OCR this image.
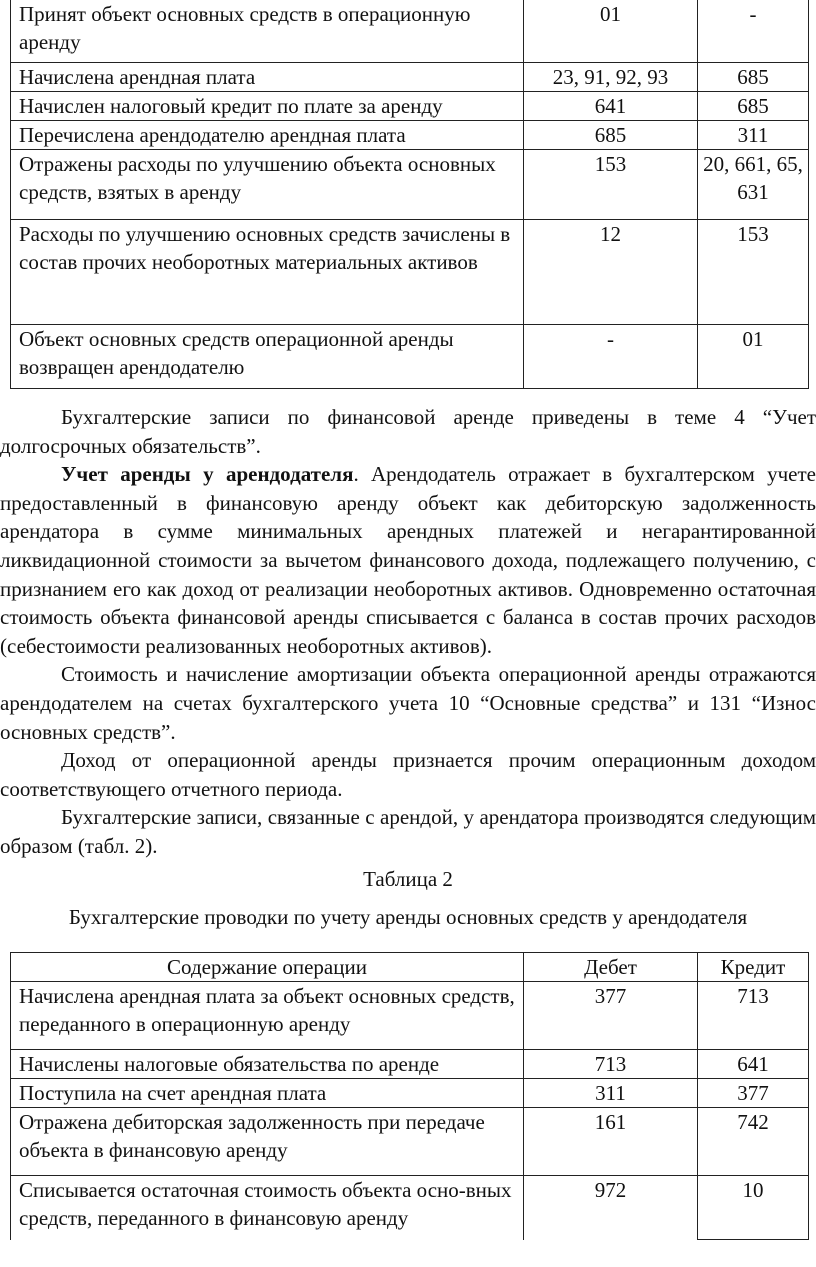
Принят объект основных средств в операционную аренду	01	-
Начислена арендная плата	23, 91, 92, 93	685
Начислен налоговый кредит по плате за аренду	641	685
Перечислена арендодателю арендная плата	685	311
Отражены расходы по улучшению объекта основных средств, взятых в аренду	153	20, 661, 65, 631
Расходы по улучшению основных средств зачислены в состав прочих необоротных материальных активов	12	153
Объект основных средств операционной аренды возвращен арендодателю	-	01

Бухгалтерские записи по финансовой аренде приведены в теме 4 “Учет долгосрочных обязательств”.

Учет аренды у арендодателя. Арендодатель отражает в бухгалтерском учете предоставленный в финансовую аренду объект как дебиторскую задолженность арендатора в сумме минимальных арендных платежей и негарантированной ликвидационной стоимости за вычетом финансового дохода, подлежащего получению, с признанием его как доход от реализации необоротных активов. Одновременно остаточная стоимость объекта финансовой аренды списывается с баланса в состав прочих расходов (себестоимости реализованных необоротных активов).

Стоимость и начисление амортизации объекта операционной аренды отражаются арендодателем на счетах бухгалтерского учета 10 “Основные средства” и 131 “Износ основных средств”.

Доход от операционной аренды признается прочим операционным доходом соответствующего отчетного периода.

Бухгалтерские записи, связанные с арендой, у арендатора производятся следующим образом (табл. 2).

Таблица 2

Бухгалтерские проводки по учету аренды основных средств у арендодателя

Содержание операции	Дебет	Кредит
Начислена арендная плата за объект основных средств, переданного в операционную аренду	377	713
Начислены налоговые обязательства по аренде	713	641
Поступила на счет арендная плата	311	377
Отражена дебиторская задолженность при передаче объекта в финансовую аренду	161	742
Списывается остаточная стоимость объекта осно-вных средств, переданного в финансовую аренду	972	10
